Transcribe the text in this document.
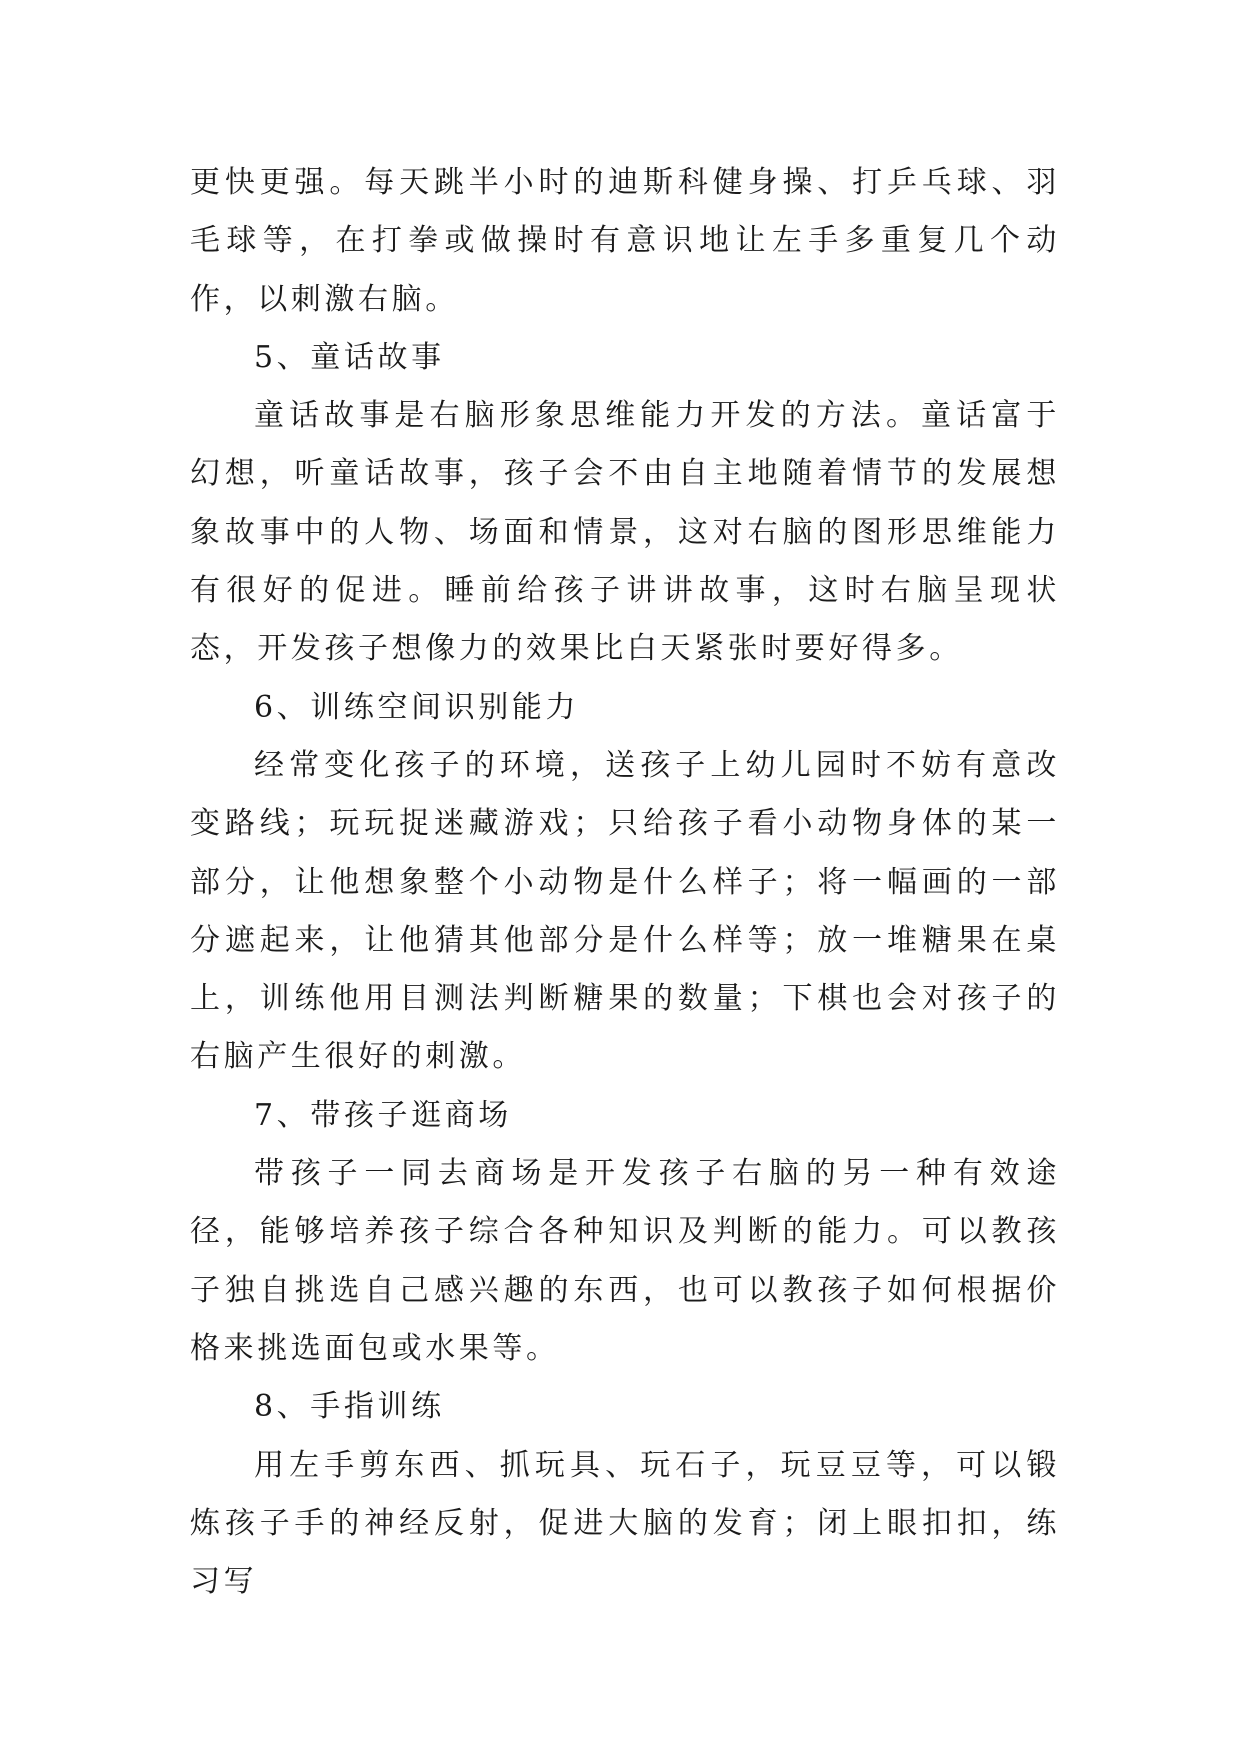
更快更强。每天跳半小时的迪斯科健身操、打乒乓球、羽毛球等，在打拳或做操时有意识地让左手多重复几个动作，以刺激右脑。

5、童话故事

童话故事是右脑形象思维能力开发的方法。童话富于幻想，听童话故事，孩子会不由自主地随着情节的发展想象故事中的人物、场面和情景，这对右脑的图形思维能力有很好的促进。睡前给孩子讲讲故事，这时右脑呈现状态，开发孩子想像力的效果比白天紧张时要好得多。

6、训练空间识别能力

经常变化孩子的环境，送孩子上幼儿园时不妨有意改变路线；玩玩捉迷藏游戏；只给孩子看小动物身体的某一部分，让他想象整个小动物是什么样子；将一幅画的一部分遮起来，让他猜其他部分是什么样等；放一堆糖果在桌上，训练他用目测法判断糖果的数量；下棋也会对孩子的右脑产生很好的刺激。

7、带孩子逛商场

带孩子一同去商场是开发孩子右脑的另一种有效途径，能够培养孩子综合各种知识及判断的能力。可以教孩子独自挑选自己感兴趣的东西，也可以教孩子如何根据价格来挑选面包或水果等。

8、手指训练

用左手剪东西、抓玩具、玩石子，玩豆豆等，可以锻炼孩子手的神经反射，促进大脑的发育；闭上眼扣扣，练习写
